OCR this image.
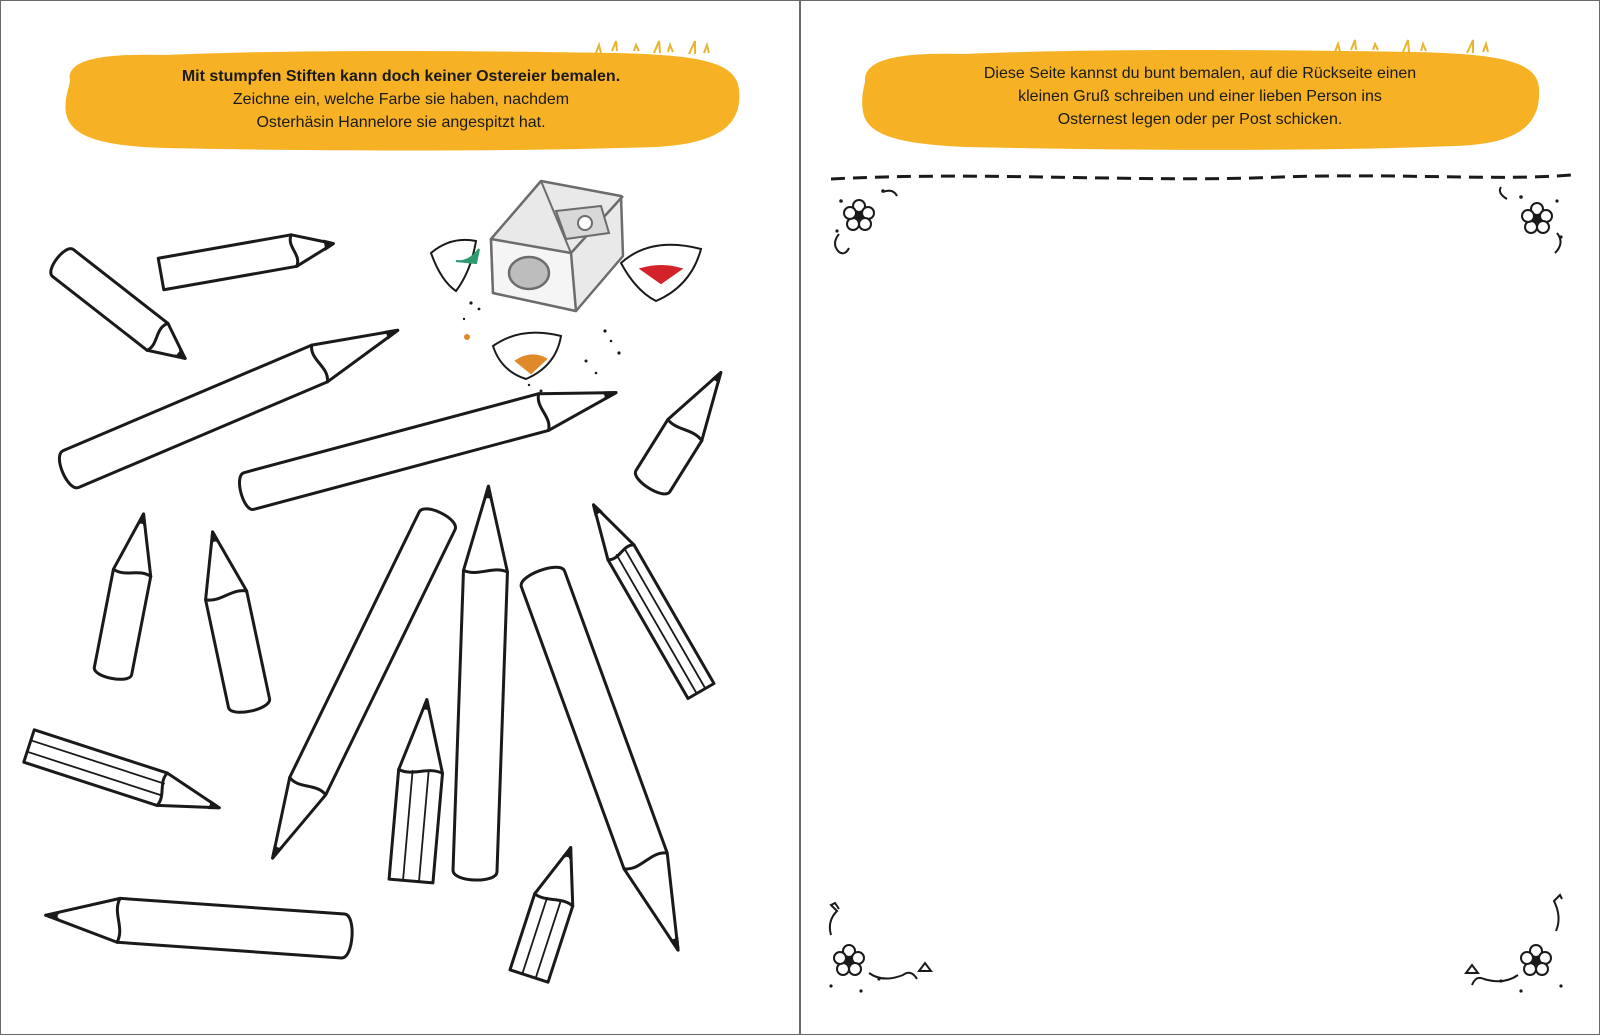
Mit stumpfen Stiften kann doch keiner Ostereier bemalen.
Zeichne ein, welche Farbe sie haben, nachdem
Osterhäsin Hannelore sie angespitzt hat.
Diese Seite kannst du bunt bemalen, auf die Rückseite einen
kleinen Gruß schreiben und einer lieben Person ins
Osternest legen oder per Post schicken.
